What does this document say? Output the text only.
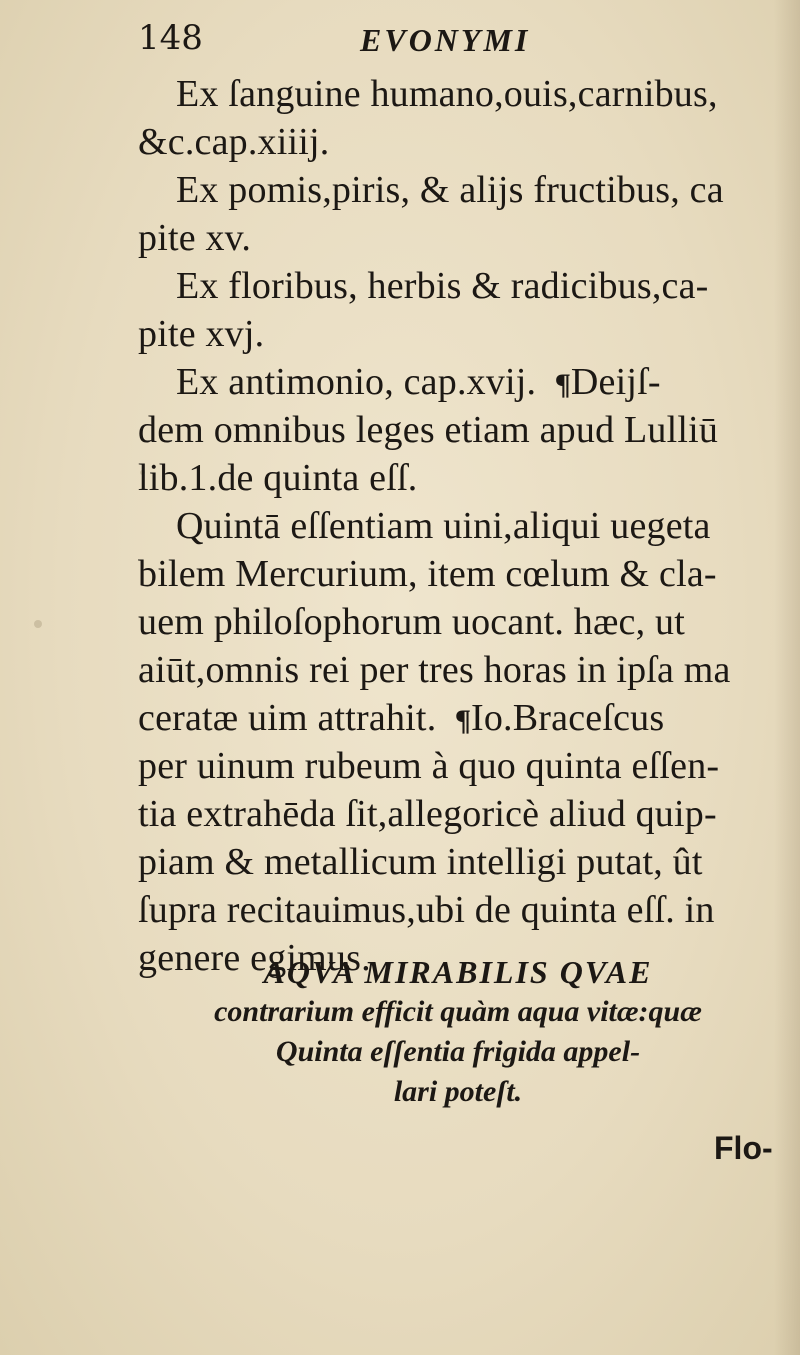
148	EVONYMI
Ex ſanguine humano,ouis,carnibus,
&c.cap.xiiij.
Ex pomis,piris, & alijs fructibus, ca
pite xv.
Ex floribus, herbis & radicibus,ca-
pite xvj.
Ex antimonio, cap.xvij. ¶Deijſ-
dem omnibus leges etiam apud Lulliū
lib.1.de quinta eſſ.
Quintā eſſentiam uini,aliqui uegeta
bilem Mercurium, item cœlum & cla-
uem philoſophorum uocant. hæc, ut
aiūt,omnis rei per tres horas in ipſa ma
ceratæ uim attrahit. ¶Io.Braceſcus
per uinum rubeum à quo quinta eſſen-
tia extrahēda ſit,allegoricè aliud quip-
piam & metallicum intelligi putat, ût
ſupra recitauimus,ubi de quinta eſſ. in
genere egimus.
AQVA MIRABILIS QVAE
contrarium efficit quàm aqua vitæ:quæ
Quinta eſſentia frigida appel-
lari poteſt.
Flo-
